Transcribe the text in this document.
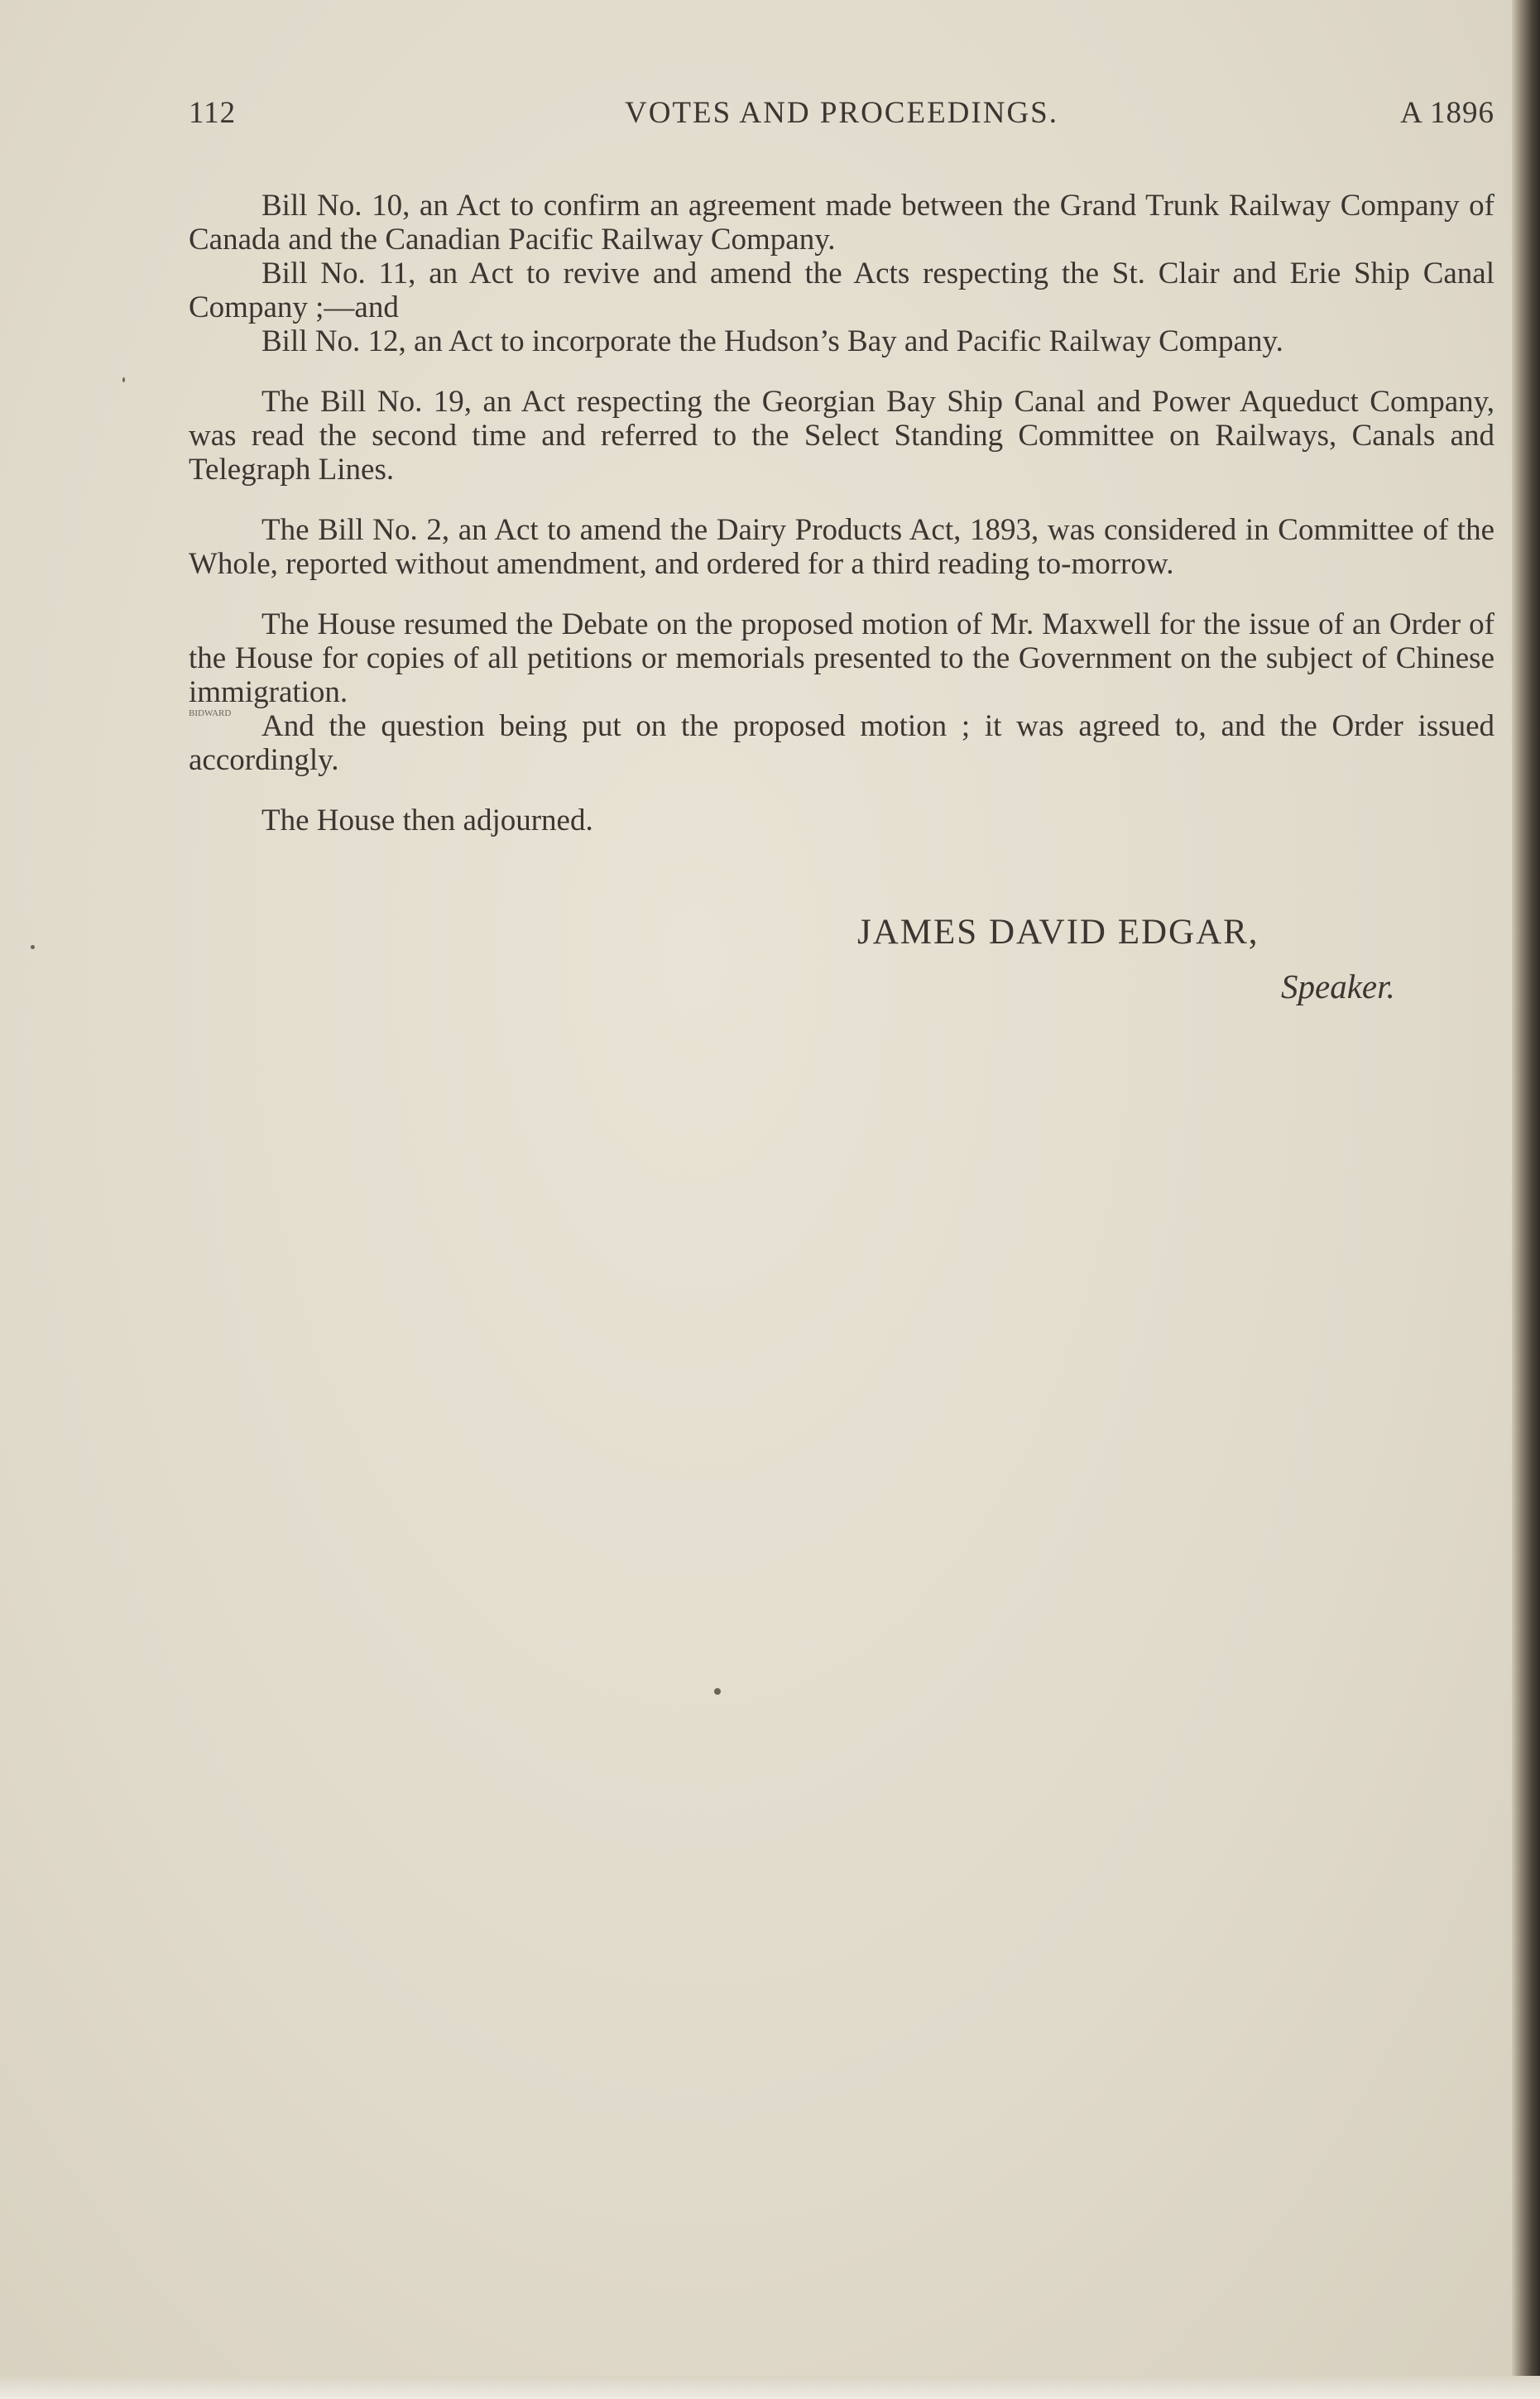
112	VOTES AND PROCEEDINGS.	A 1896

Bill No. 10, an Act to confirm an agreement made between the Grand Trunk Railway Company of Canada and the Canadian Pacific Railway Company.

Bill No. 11, an Act to revive and amend the Acts respecting the St. Clair and Erie Ship Canal Company ;—and

Bill No. 12, an Act to incorporate the Hudson’s Bay and Pacific Railway Company.

The Bill No. 19, an Act respecting the Georgian Bay Ship Canal and Power Aqueduct Company, was read the second time and referred to the Select Standing Committee on Railways, Canals and Telegraph Lines.

The Bill No. 2, an Act to amend the Dairy Products Act, 1893, was considered in Committee of the Whole, reported without amendment, and ordered for a third reading to-morrow.

The House resumed the Debate on the proposed motion of Mr. Maxwell for the issue of an Order of the House for copies of all petitions or memorials presented to the Government on the subject of Chinese immigration.

BIDWARD And the question being put on the proposed motion ; it was agreed to, and the Order issued accordingly.

The House then adjourned.

JAMES DAVID EDGAR,
Speaker.
